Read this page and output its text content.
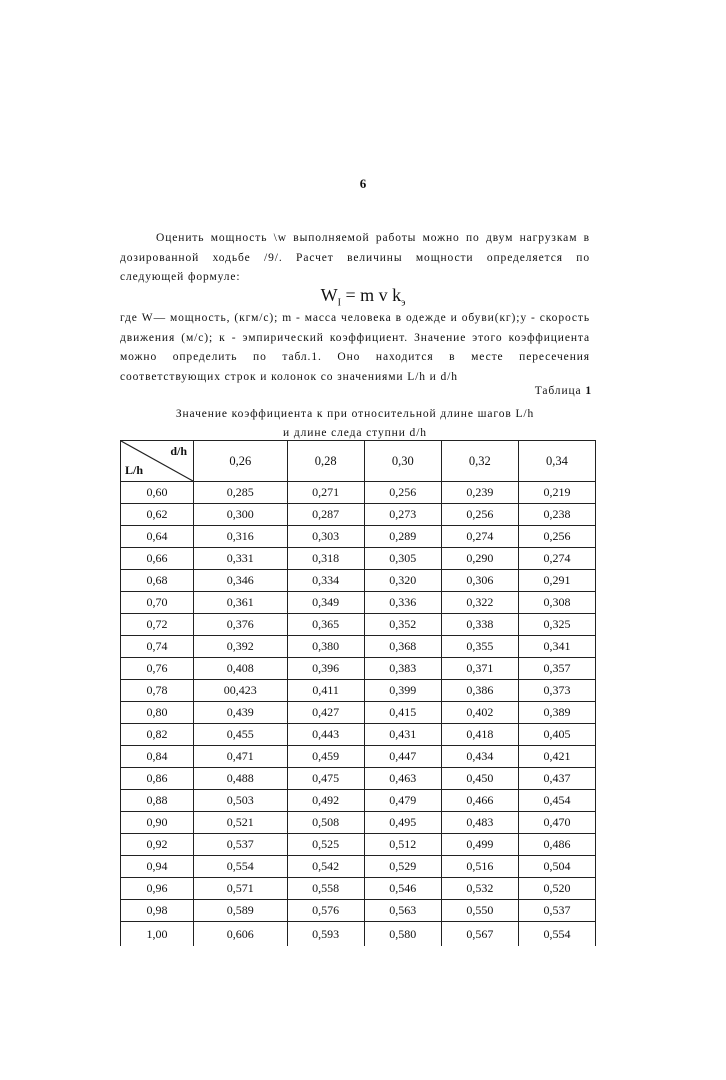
6
Оценить мощность \w выполняемой работы можно по двум нагрузкам в дозированной ходьбе /9/. Расчет величины мощности определяется по следующей формуле:
$W_I = m$ v $k_э$
где W— мощность, (кгм/с); m - масса человека в одежде и обуви(кг);у - скорость движения (м/с); к - эмпирический коэффициент. Значение этого коэффициента можно определить по табл.1. Оно находится в месте пересечения соответствующих строк и колонок со значениями L/h и d/h
Таблица 1
Значение коэффициента к при относительной длине шагов L/h
и длине следа ступни d/h
d/h
L/h	0,26	0,28	0,30	0,32	0,34
0,60	0,285	0,271	0,256	0,239	0,219
0,62	0,300	0,287	0,273	0,256	0,238
0,64	0,316	0,303	0,289	0,274	0,256
0,66	0,331	0,318	0,305	0,290	0,274
0,68	0,346	0,334	0,320	0,306	0,291
0,70	0,361	0,349	0,336	0,322	0,308
0,72	0,376	0,365	0,352	0,338	0,325
0,74	0,392	0,380	0,368	0,355	0,341
0,76	0,408	0,396	0,383	0,371	0,357
0,78	00,423	0,411	0,399	0,386	0,373
0,80	0,439	0,427	0,415	0,402	0,389
0,82	0,455	0,443	0,431	0,418	0,405
0,84	0,471	0,459	0,447	0,434	0,421
0,86	0,488	0,475	0,463	0,450	0,437
0,88	0,503	0,492	0,479	0,466	0,454
0,90	0,521	0,508	0,495	0,483	0,470
0,92	0,537	0,525	0,512	0,499	0,486
0,94	0,554	0,542	0,529	0,516	0,504
0,96	0,571	0,558	0,546	0,532	0,520
0,98	0,589	0,576	0,563	0,550	0,537
1,00	0,606	0,593	0,580	0,567	0,554
